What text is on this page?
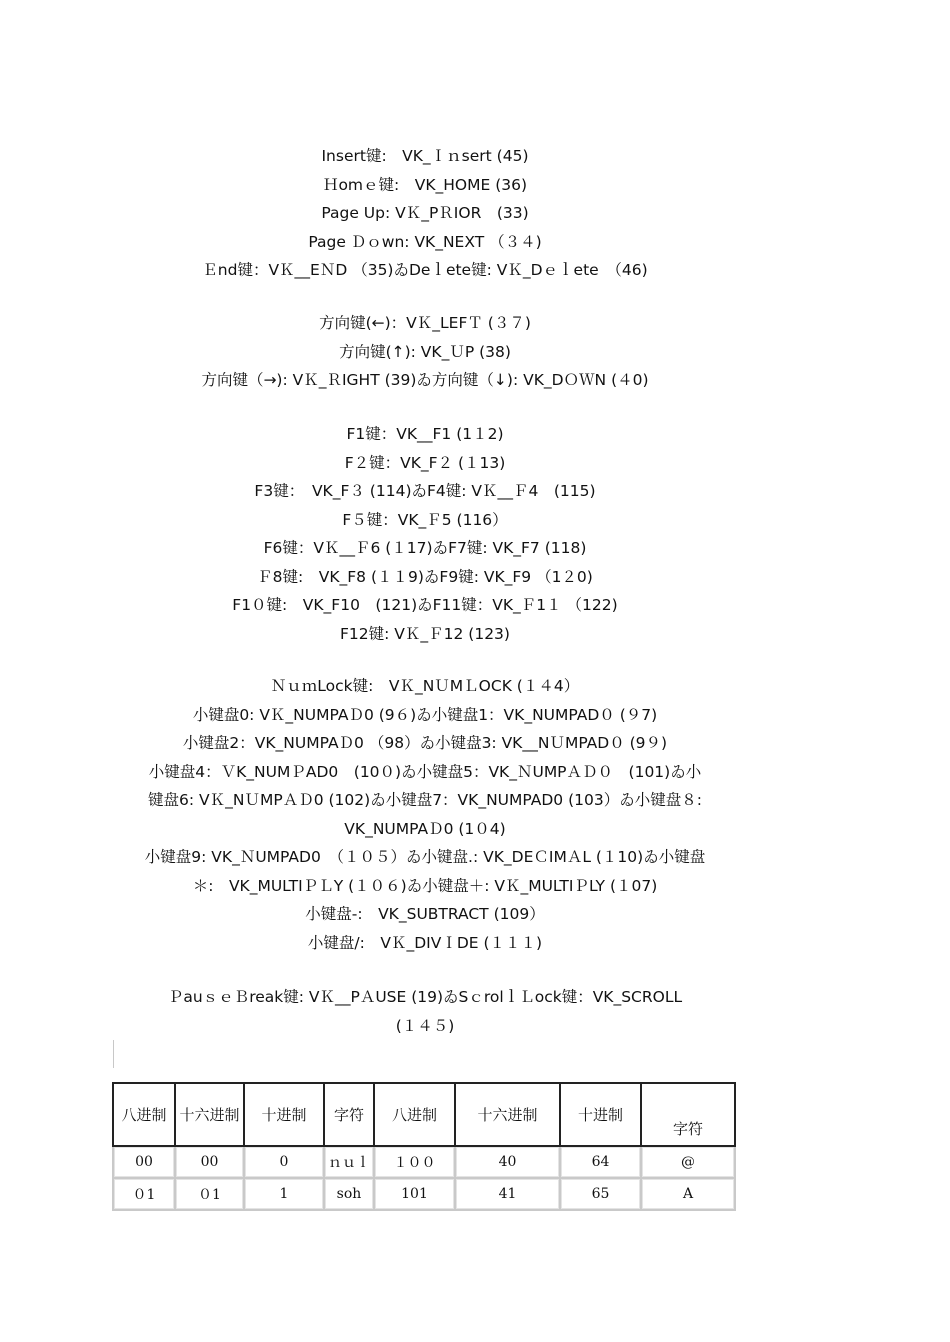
Insert键:　VK_Ｉｎsert (45)
Ｈomｅ键:　VK_HOME (36)
Page Up: VＫ_PＲIOR　(33)
Page Ｄｏwn: VK_NEXT （３４)
Ｅnd键：VＫ__EＮD （35)ゐDeｌete键: VＫ_Dｅｌete　（46)
方向键(←)：VＫ_LEFＴ (３７)
方向键(↑): VK_ＵP (38)
方向键（→): VＫ_ＲIGHT (39)ゐ方向键（↓): VK_DＯＷN (４0)
F1键：VK__F1 (1１2)
F２键：VK_F２ (１13)
F3键：　VK_F３ (114)ゐF4键: VＫ__Ｆ4　(115)
F５键：VK_Ｆ5 (116）
F6键：VＫ__Ｆ6 (１17)ゐF7键: VK_F7 (118)
Ｆ8键:　VK_F8 (１１9)ゐF9键: VK_F9 （1２0)
F1０键:　VK_F10　(121)ゐF11键：VK_Ｆ1１ （122)
F12键: VＫ_Ｆ12 (123)
ＮｕｍLock键:　VＫ_NＵMＬOCK (１４4）
小键盘0: VＫ_NUMPAＤ0 (9６)ゐ小键盘1：VK_NUMPAD０ (９7)
小键盘2：VK_NUMPAＤ0 （98）ゐ小键盘3: VK__NＵMPAD０ (9９)
小键盘4：ＶK_NUMＰAD0　(10０)ゐ小键盘5：VK_ＮUMPＡＤ０　(101)ゐ小
键盘6: VＫ_NＵMPＡＤ0 (102)ゐ小键盘7：VK_NUMPAD0 (103）ゐ小键盘８:
VK_NUMPAＤ0 (1０4)
小键盘9: VK_ＮUMPAD0　（１０５）ゐ小键盘.: VK_DEＣIMＡL (１10)ゐ小键盘
＊:　VK_MULTIＰＬY (１０６)ゐ小键盘＋: VＫ_MULTIＰLY (１07)
小键盘-:　VK_SUBTRACT (109）
小键盘/:　VＫ_DIVＩDE (１１１)
ＰauｓｅＢreak键: VＫ__PＡUSE (19)ゐSｃrolｌＬock键：VK_SCROLL
(１４５)
八进制	十六进制	十进制	字符	八进制	十六进制	十进制	字符
00	00	0	ｎｕｌ	１００	40	64	@
０1	０1	1	soh	101	41	65	A
